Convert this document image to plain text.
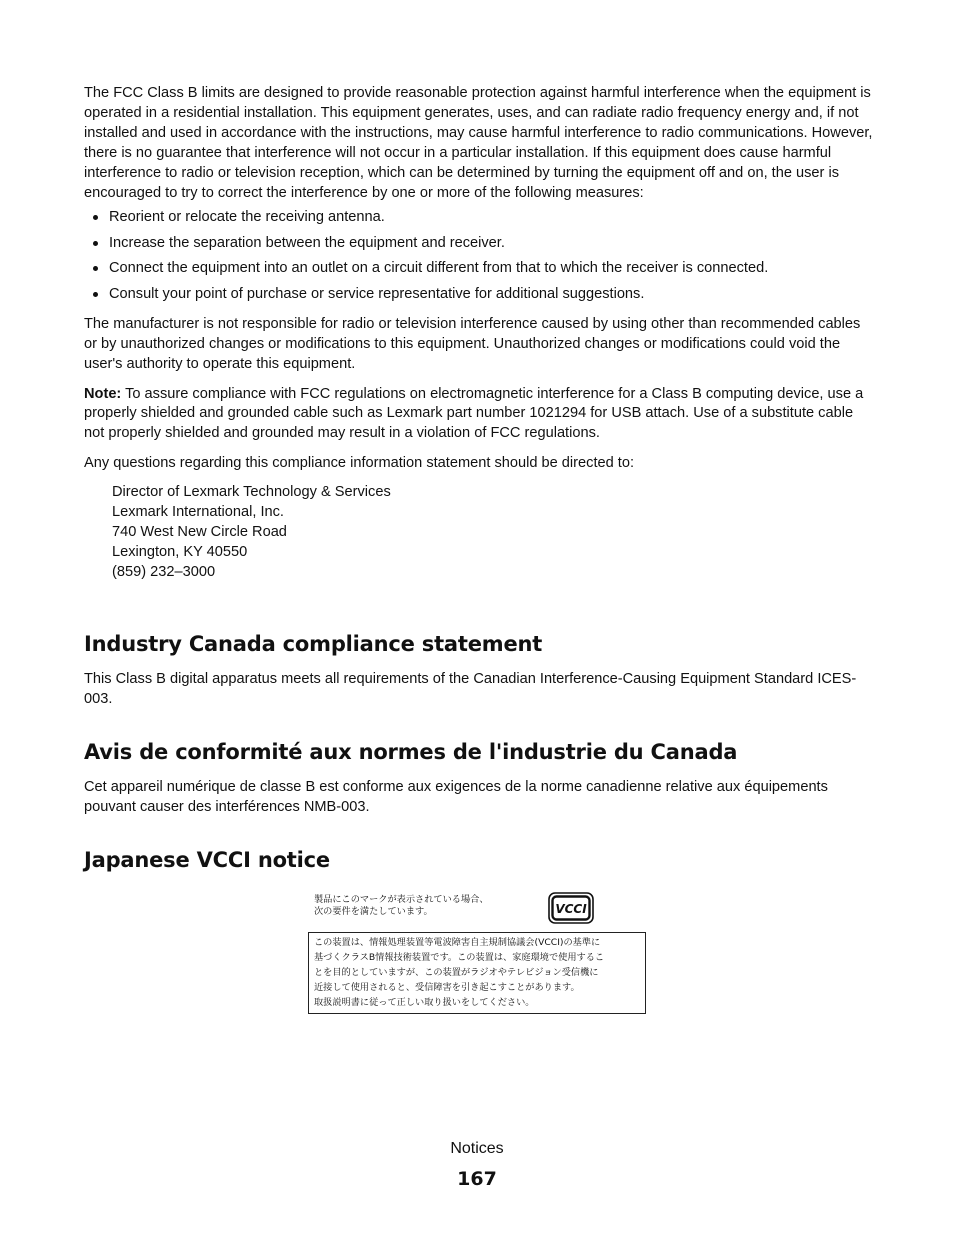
The FCC Class B limits are designed to provide reasonable protection against harmful interference when the equipment is operated in a residential installation. This equipment generates, uses, and can radiate radio frequency energy and, if not installed and used in accordance with the instructions, may cause harmful interference to radio communications. However, there is no guarantee that interference will not occur in a particular installation. If this equipment does cause harmful interference to radio or television reception, which can be determined by turning the equipment off and on, the user is encouraged to try to correct the interference by one or more of the following measures:

Reorient or relocate the receiving antenna.
Increase the separation between the equipment and receiver.
Connect the equipment into an outlet on a circuit different from that to which the receiver is connected.
Consult your point of purchase or service representative for additional suggestions.

The manufacturer is not responsible for radio or television interference caused by using other than recommended cables or by unauthorized changes or modifications to this equipment. Unauthorized changes or modifications could void the user's authority to operate this equipment.

Note: To assure compliance with FCC regulations on electromagnetic interference for a Class B computing device, use a properly shielded and grounded cable such as Lexmark part number 1021294 for USB attach. Use of a substitute cable not properly shielded and grounded may result in a violation of FCC regulations.

Any questions regarding this compliance information statement should be directed to:

Director of Lexmark Technology & Services
Lexmark International, Inc.
740 West New Circle Road
Lexington, KY 40550
(859) 232–3000
Industry Canada compliance statement

This Class B digital apparatus meets all requirements of the Canadian Interference-Causing Equipment Standard ICES-003.

Avis de conformité aux normes de l'industrie du Canada

Cet appareil numérique de classe B est conforme aux exigences de la norme canadienne relative aux équipements pouvant causer des interférences NMB-003.

Japanese VCCI notice
製品にこのマークが表示されている場合、
次の要件を満たしています。	VCCI
この装置は、情報処理装置等電波障害自主規制協議会(VCCI)の基準に
基づくクラスB情報技術装置です。この装置は、家庭環境で使用するこ
とを目的としていますが、この装置がラジオやテレビジョン受信機に
近接して使用されると、受信障害を引き起こすことがあります。
取扱説明書に従って正しい取り扱いをしてください。
Notices
167
